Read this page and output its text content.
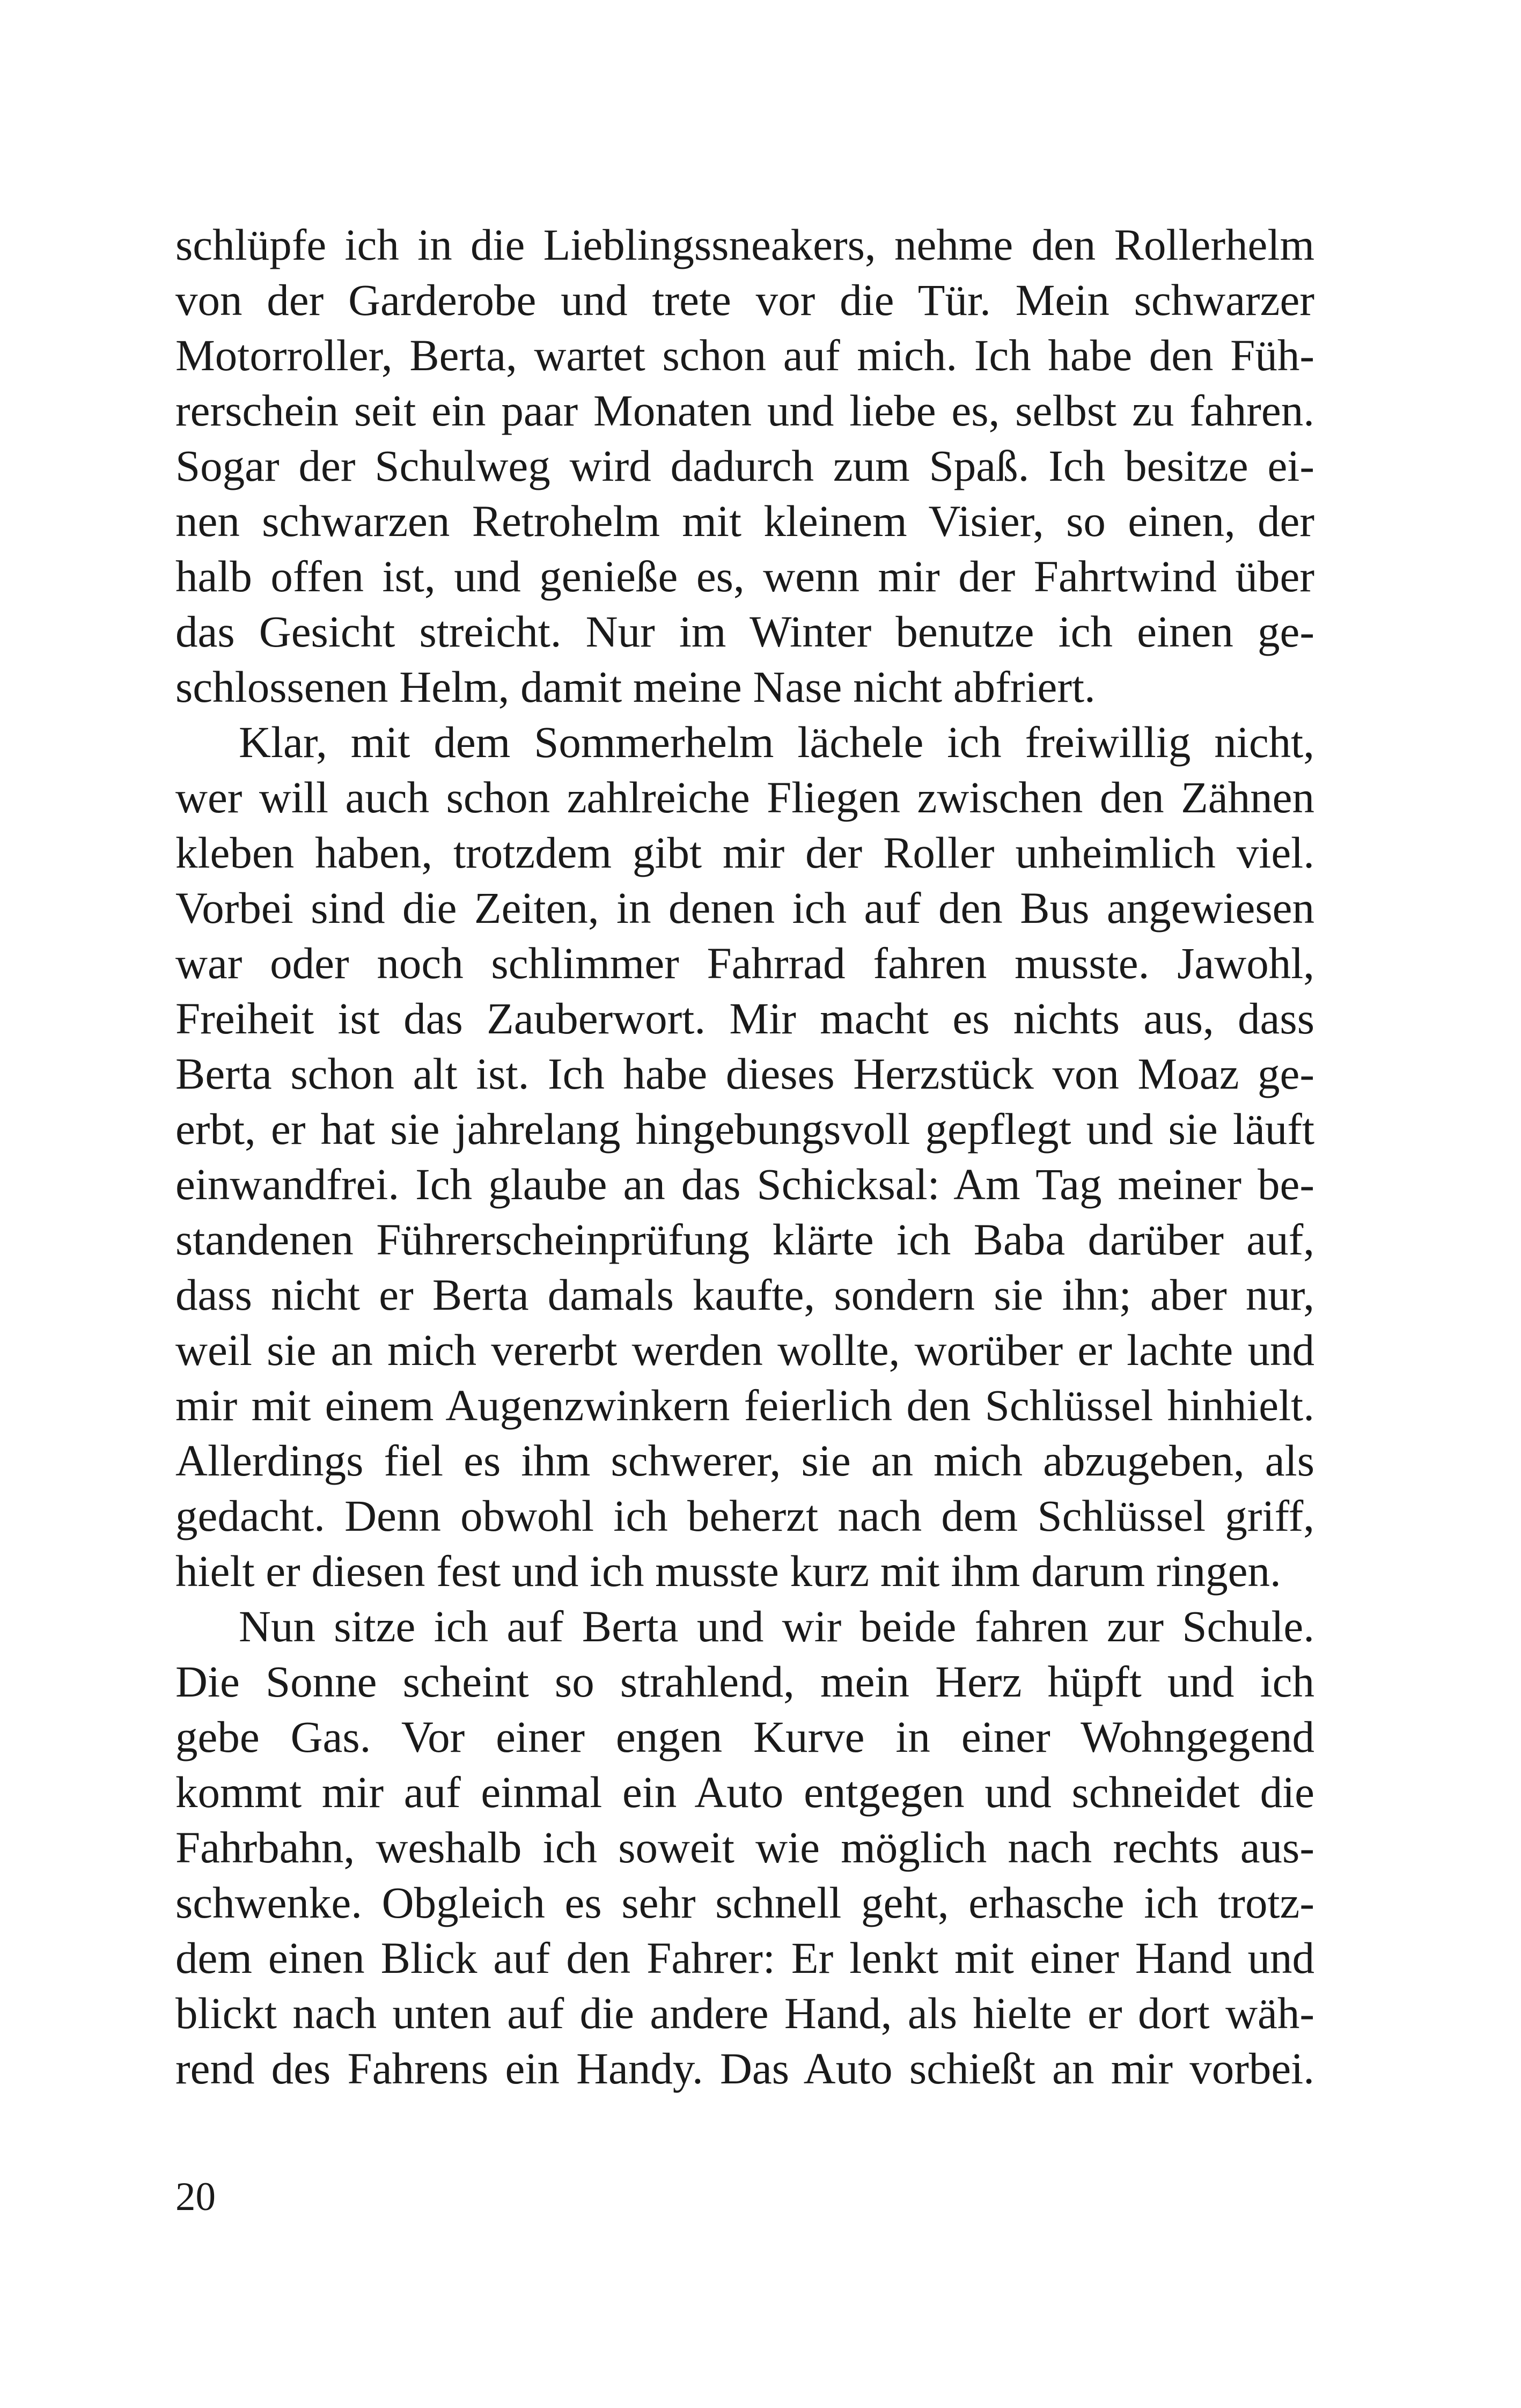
schlüpfe ich in die Lieblingssneakers, nehme den Rollerhelm
von der Garderobe und trete vor die Tür. Mein schwarzer
Motorroller, Berta, wartet schon auf mich. Ich habe den Füh-
rerschein seit ein paar Monaten und liebe es, selbst zu fahren.
Sogar der Schulweg wird dadurch zum Spaß. Ich besitze ei-
nen schwarzen Retrohelm mit kleinem Visier, so einen, der
halb offen ist, und genieße es, wenn mir der Fahrtwind über
das Gesicht streicht. Nur im Winter benutze ich einen ge-
schlossenen Helm, damit meine Nase nicht abfriert.
Klar, mit dem Sommerhelm lächele ich freiwillig nicht,
wer will auch schon zahlreiche Fliegen zwischen den Zähnen
kleben haben, trotzdem gibt mir der Roller unheimlich viel.
Vorbei sind die Zeiten, in denen ich auf den Bus angewiesen
war oder noch schlimmer Fahrrad fahren musste. Jawohl,
Freiheit ist das Zauberwort. Mir macht es nichts aus, dass
Berta schon alt ist. Ich habe dieses Herzstück von Moaz ge-
erbt, er hat sie jahrelang hingebungsvoll gepflegt und sie läuft
einwandfrei. Ich glaube an das Schicksal: Am Tag meiner be-
standenen Führerscheinprüfung klärte ich Baba darüber auf,
dass nicht er Berta damals kaufte, sondern sie ihn; aber nur,
weil sie an mich vererbt werden wollte, worüber er lachte und
mir mit einem Augenzwinkern feierlich den Schlüssel hinhielt.
Allerdings fiel es ihm schwerer, sie an mich abzugeben, als
gedacht. Denn obwohl ich beherzt nach dem Schlüssel griff,
hielt er diesen fest und ich musste kurz mit ihm darum ringen.
Nun sitze ich auf Berta und wir beide fahren zur Schule.
Die Sonne scheint so strahlend, mein Herz hüpft und ich
gebe Gas. Vor einer engen Kurve in einer Wohngegend
kommt mir auf einmal ein Auto entgegen und schneidet die
Fahrbahn, weshalb ich soweit wie möglich nach rechts aus-
schwenke. Obgleich es sehr schnell geht, erhasche ich trotz-
dem einen Blick auf den Fahrer: Er lenkt mit einer Hand und
blickt nach unten auf die andere Hand, als hielte er dort wäh-
rend des Fahrens ein Handy. Das Auto schießt an mir vorbei.
20
